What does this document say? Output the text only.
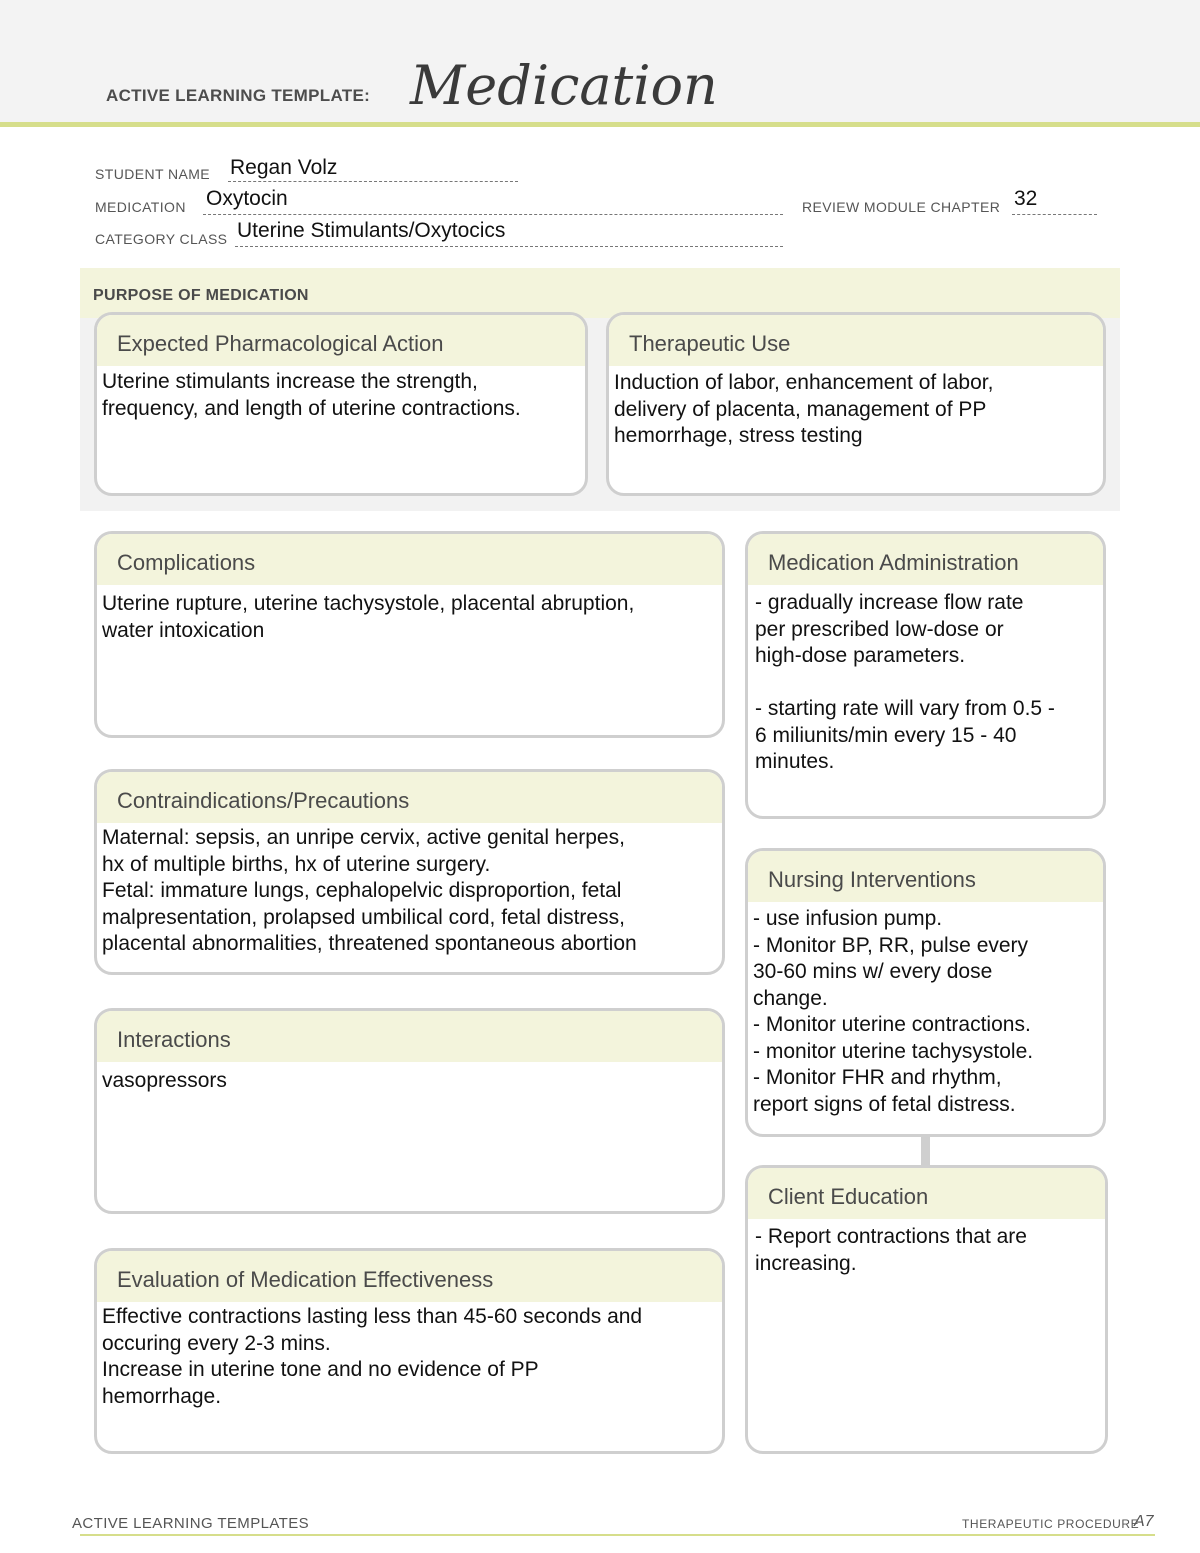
ACTIVE LEARNING TEMPLATE: Medication
STUDENT NAME Regan Volz
MEDICATION Oxytocin	REVIEW MODULE CHAPTER 32
CATEGORY CLASS Uterine Stimulants/Oxytocics
PURPOSE OF MEDICATION
Expected Pharmacological Action
Uterine stimulants increase the strength,
frequency, and length of uterine contractions.
Therapeutic Use
Induction of labor, enhancement of labor,
delivery of placenta, management of PP
hemorrhage, stress testing
Complications
Uterine rupture, uterine tachysystole, placental abruption,
water intoxication
Contraindications/Precautions
Maternal: sepsis, an unripe cervix, active genital herpes,
hx of multiple births, hx of uterine surgery.
Fetal: immature lungs, cephalopelvic disproportion, fetal
malpresentation, prolapsed umbilical cord, fetal distress,
placental abnormalities, threatened spontaneous abortion
Interactions
vasopressors
Evaluation of Medication Effectiveness
Effective contractions lasting less than 45-60 seconds and
occuring every 2-3 mins.
Increase in uterine tone and no evidence of PP
hemorrhage.
Medication Administration
- gradually increase flow rate
per prescribed low-dose or
high-dose parameters.

- starting rate will vary from 0.5 -
6 miliunits/min every 15 - 40
minutes.
Nursing Interventions
- use infusion pump.
- Monitor BP, RR, pulse every
30-60 mins w/ every dose
change.
- Monitor uterine contractions.
- monitor uterine tachysystole.
- Monitor FHR and rhythm,
report signs of fetal distress.
Client Education
- Report contractions that are
increasing.
ACTIVE LEARNING TEMPLATES	THERAPEUTIC PROCEDURE
A7
